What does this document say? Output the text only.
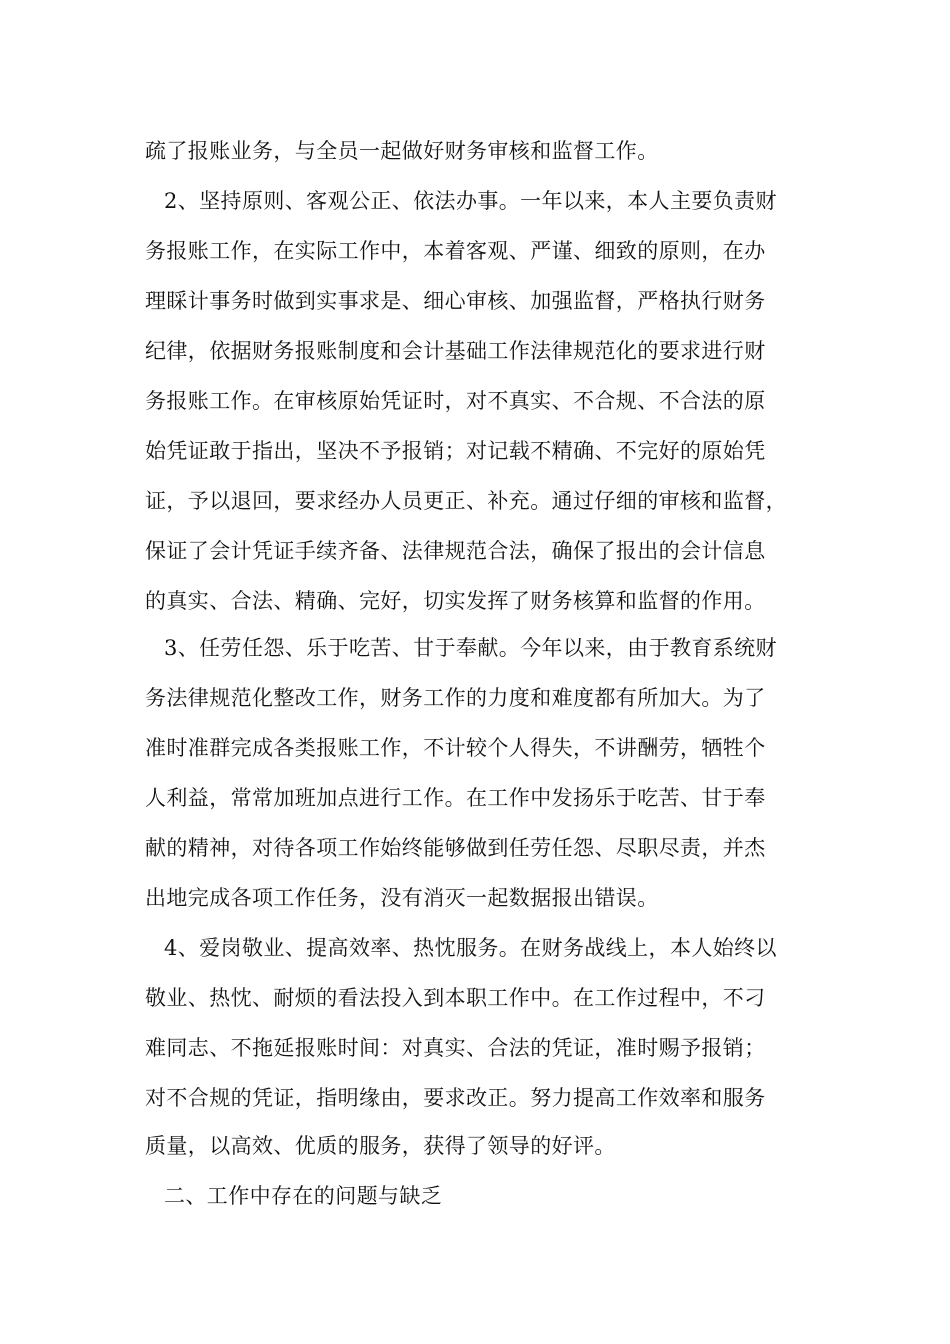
疏了报账业务，与全员一起做好财务审核和监督工作。
2、坚持原则、客观公正、依法办事。一年以来，本人主要负责财
务报账工作，在实际工作中，本着客观、严谨、细致的原则，在办
理睬计事务时做到实事求是、细心审核、加强监督，严格执行财务
纪律，依据财务报账制度和会计基础工作法律规范化的要求进行财
务报账工作。在审核原始凭证时，对不真实、不合规、不合法的原
始凭证敢于指出，坚决不予报销；对记载不精确、不完好的原始凭
证，予以退回，要求经办人员更正、补充。通过仔细的审核和监督，
保证了会计凭证手续齐备、法律规范合法，确保了报出的会计信息
的真实、合法、精确、完好，切实发挥了财务核算和监督的作用。
3、任劳任怨、乐于吃苦、甘于奉献。今年以来，由于教育系统财
务法律规范化整改工作，财务工作的力度和难度都有所加大。为了
准时准群完成各类报账工作，不计较个人得失，不讲酬劳，牺牲个
人利益，常常加班加点进行工作。在工作中发扬乐于吃苦、甘于奉
献的精神，对待各项工作始终能够做到任劳任怨、尽职尽责，并杰
出地完成各项工作任务，没有消灭一起数据报出错误。
4、爱岗敬业、提高效率、热忱服务。在财务战线上，本人始终以
敬业、热忱、耐烦的看法投入到本职工作中。在工作过程中，不刁
难同志、不拖延报账时间：对真实、合法的凭证，准时赐予报销；
对不合规的凭证，指明缘由，要求改正。努力提高工作效率和服务
质量，以高效、优质的服务，获得了领导的好评。
二、工作中存在的问题与缺乏
